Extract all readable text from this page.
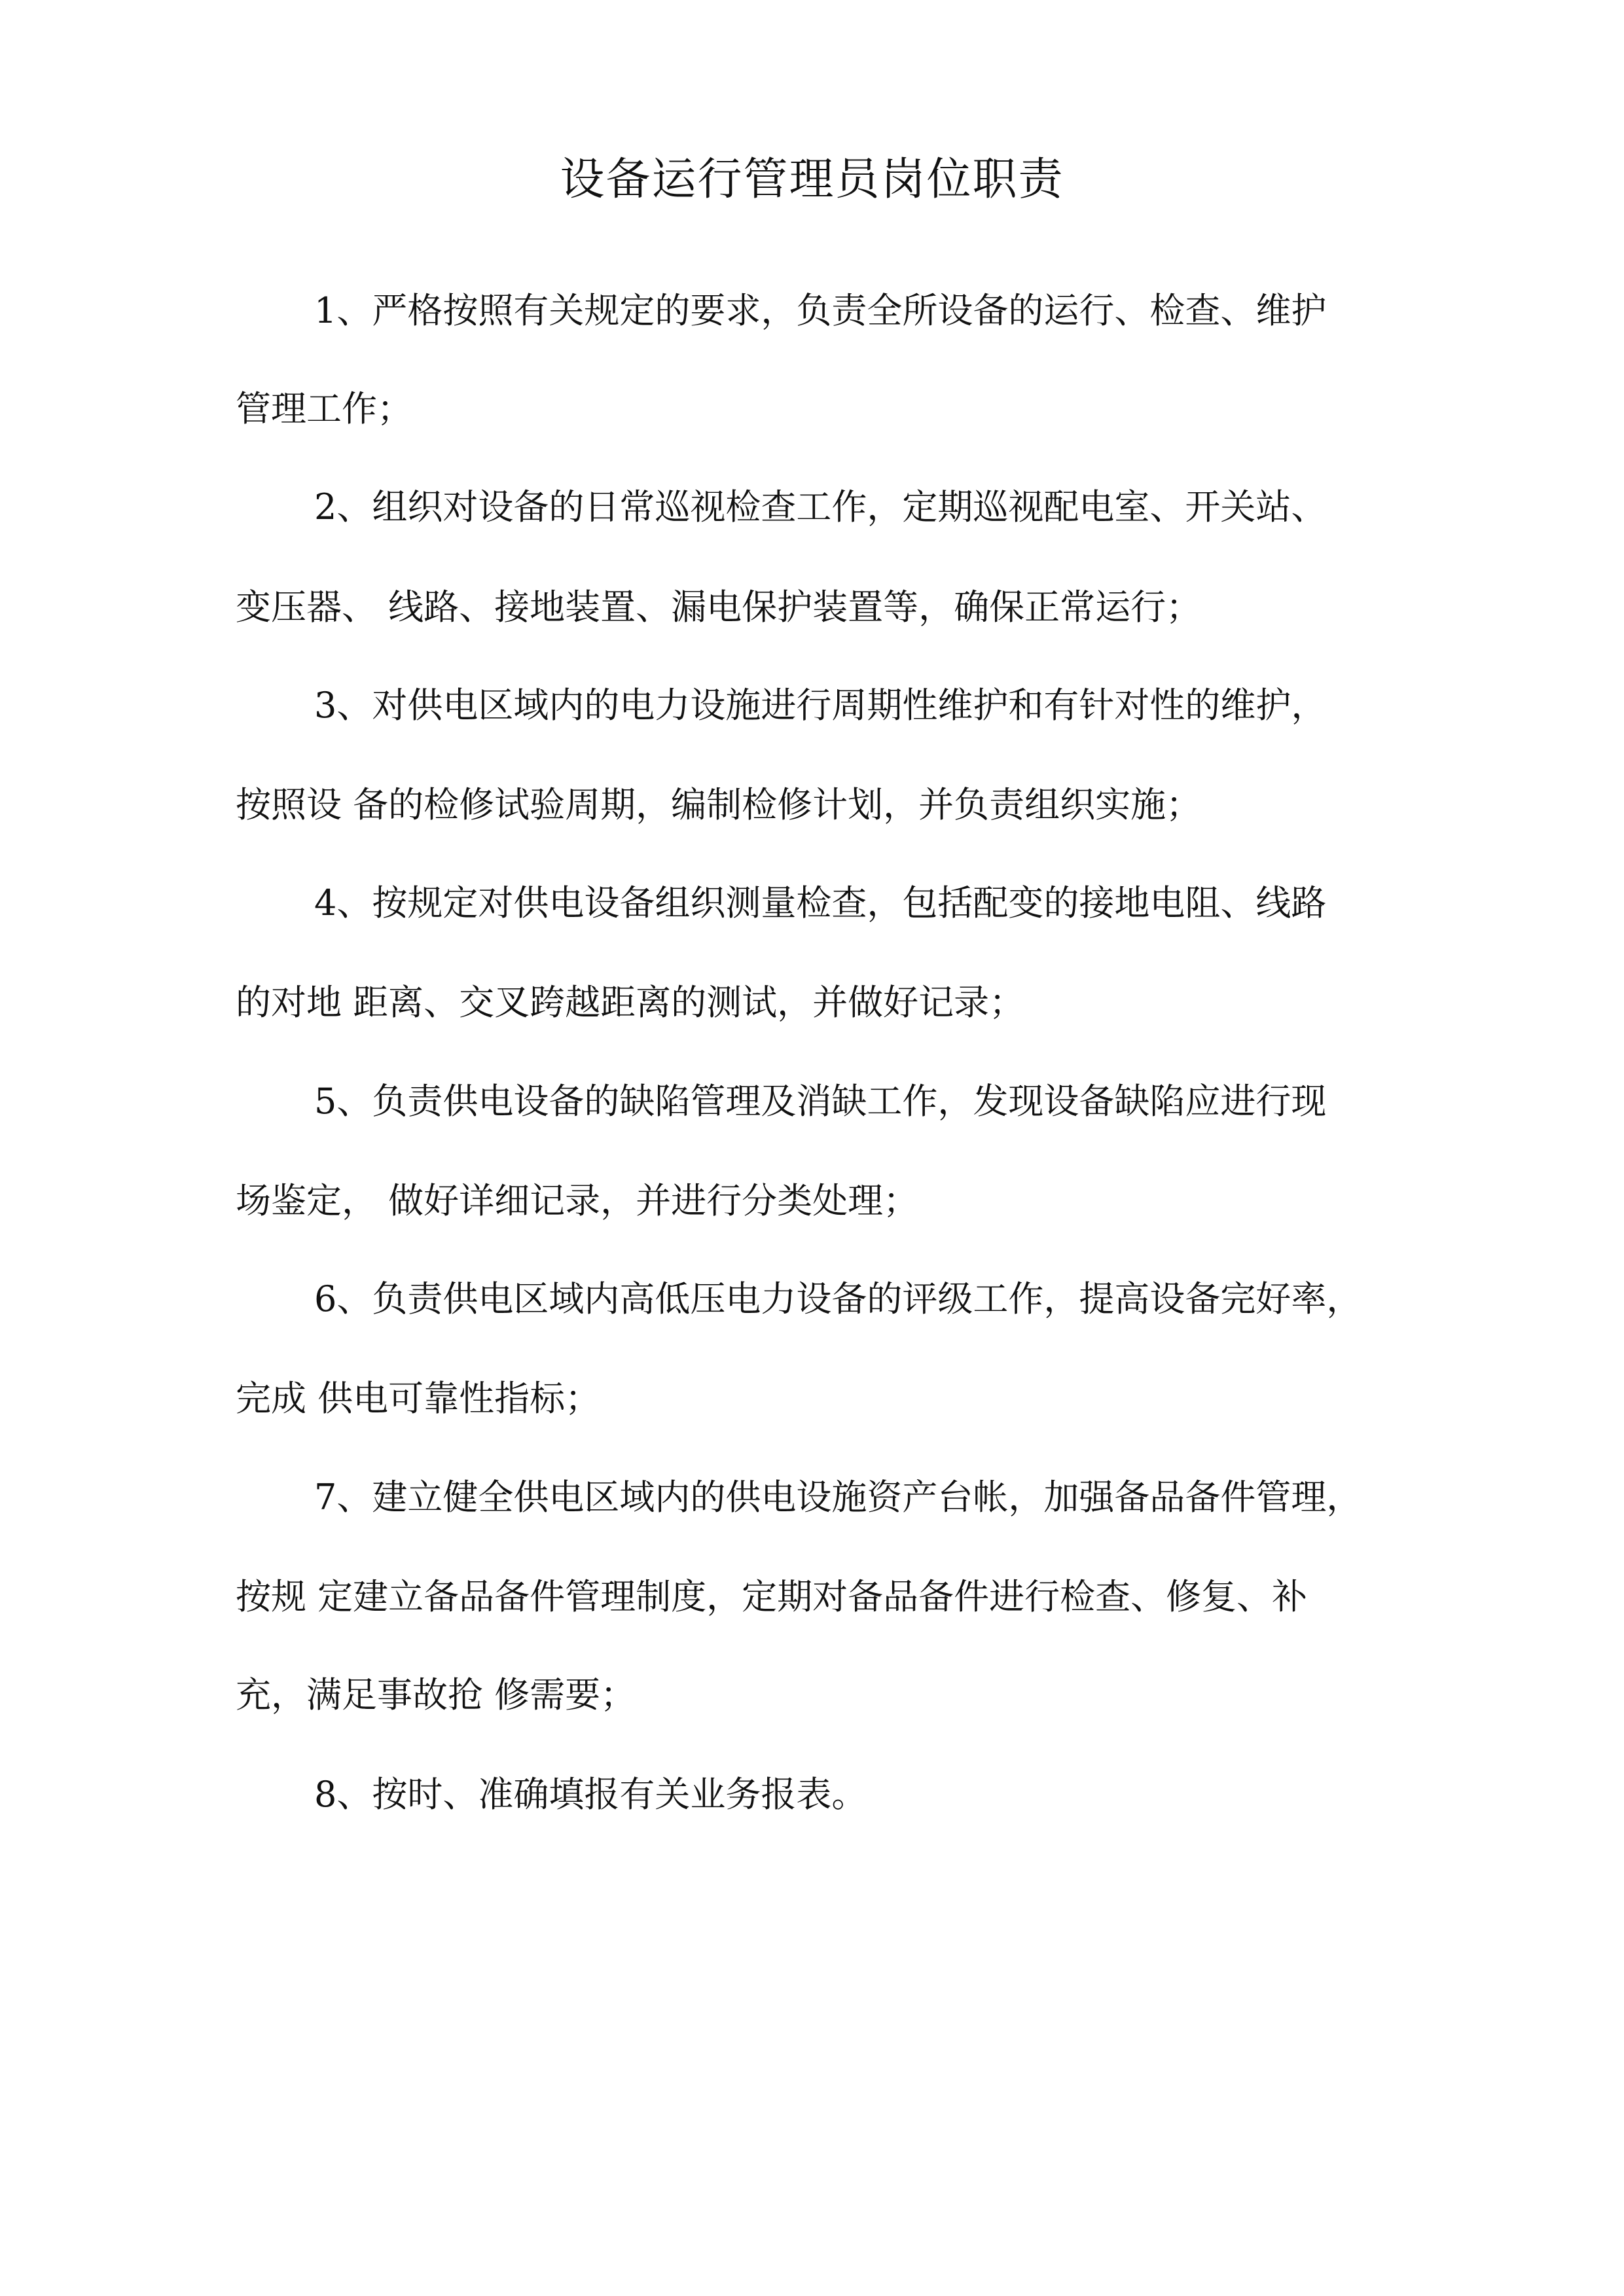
设备运行管理员岗位职责
1、严格按照有关规定的要求，负责全所设备的运行、检查、维护
管理工作；
2、组织对设备的日常巡视检查工作，定期巡视配电室、开关站、
变压器、 线路、接地装置、漏电保护装置等，确保正常运行；
3、对供电区域内的电力设施进行周期性维护和有针对性的维护，
按照设 备的检修试验周期，编制检修计划，并负责组织实施；
4、按规定对供电设备组织测量检查，包括配变的接地电阻、线路
的对地 距离、交叉跨越距离的测试，并做好记录；
5、负责供电设备的缺陷管理及消缺工作，发现设备缺陷应进行现
场鉴定， 做好详细记录，并进行分类处理；
6、负责供电区域内高低压电力设备的评级工作，提高设备完好率，
完成 供电可靠性指标；
7、建立健全供电区域内的供电设施资产台帐，加强备品备件管理，
按规 定建立备品备件管理制度，定期对备品备件进行检查、修复、补
充，满足事故抢 修需要；
8、按时、准确填报有关业务报表。
